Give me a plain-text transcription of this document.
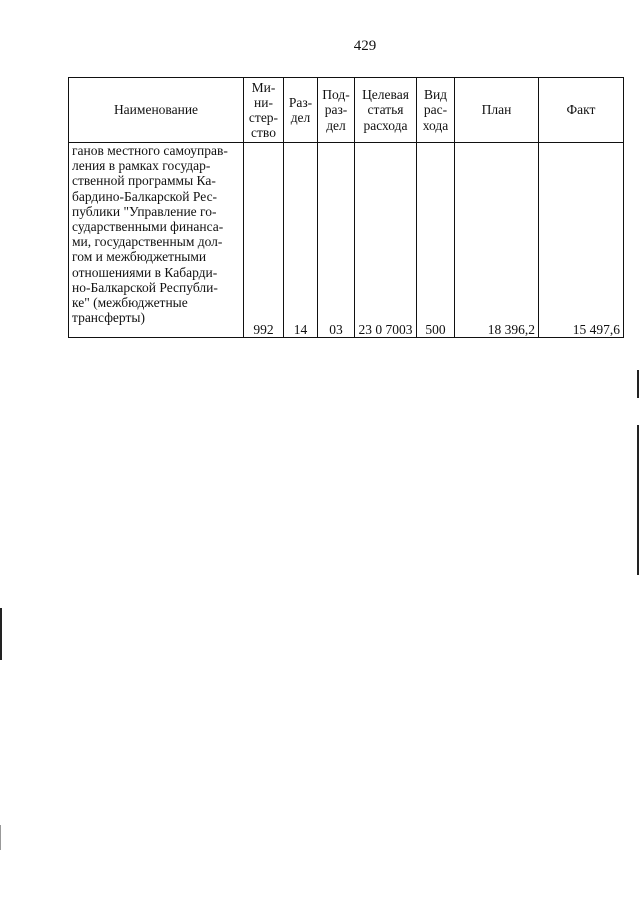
429
Наименование	Ми-
ни-
стер-
ство	Раз-
дел	Под-
раз-
дел	Целевая
статья
расхода	Вид
рас-
хода	План	Факт

ганов местного самоуправ-
ления в рамках государ-
ственной программы Ка-
бардино-Балкарской Рес-
публики "Управление го-
сударственными финанса-
ми, государственным дол-
гом и межбюджетными
отношениями в Кабарди-
но-Балкарской Республи-
ке" (межбюджетные
трансферты)
	992	14	03	23 0 7003	500	18 396,2	15 497,6
